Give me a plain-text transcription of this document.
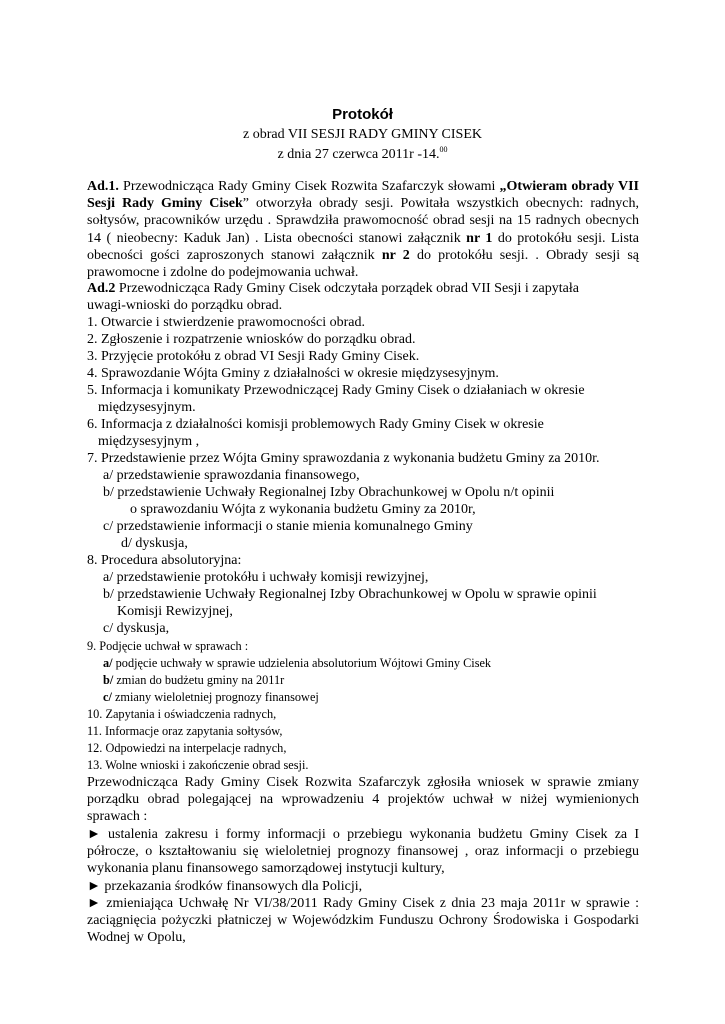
Protokół
z obrad VII SESJI RADY GMINY CISEK
z dnia 27 czerwca 2011r -14.00
Ad.1. Przewodnicząca Rady Gminy Cisek Rozwita Szafarczyk słowami „Otwieram obrady VII Sesji Rady Gminy Cisek” otworzyła obrady sesji. Powitała wszystkich obecnych: radnych, sołtysów, pracowników urzędu . Sprawdziła prawomocność obrad sesji na 15 radnych obecnych 14 ( nieobecny: Kaduk Jan) . Lista obecności stanowi załącznik nr 1 do protokółu sesji. Lista obecności gości zaproszonych stanowi załącznik nr 2 do protokółu sesji. . Obrady sesji są prawomocne i zdolne do podejmowania uchwał.
Ad.2 Przewodnicząca Rady Gminy Cisek odczytała porządek obrad VII Sesji i zapytała
uwagi-wnioski do porządku obrad.
1. Otwarcie i stwierdzenie prawomocności obrad.
2. Zgłoszenie i rozpatrzenie wniosków do porządku obrad.
3. Przyjęcie protokółu z obrad VI Sesji Rady Gminy Cisek.
4. Sprawozdanie Wójta Gminy z działalności w okresie międzysesyjnym.
5. Informacja i komunikaty Przewodniczącej Rady Gminy Cisek o działaniach w okresie
międzysesyjnym.
6. Informacja z działalności komisji problemowych Rady Gminy Cisek w okresie
międzysesyjnym ,
7. Przedstawienie przez Wójta Gminy sprawozdania z wykonania budżetu Gminy za 2010r.
a/ przedstawienie sprawozdania finansowego,
b/ przedstawienie Uchwały Regionalnej Izby Obrachunkowej w Opolu n/t opinii
o sprawozdaniu Wójta z wykonania budżetu Gminy za 2010r,
c/ przedstawienie informacji o stanie mienia komunalnego Gminy
d/ dyskusja,
8. Procedura absolutoryjna:
a/ przedstawienie protokółu i uchwały komisji rewizyjnej,
b/ przedstawienie Uchwały Regionalnej Izby Obrachunkowej w Opolu w sprawie opinii
Komisji Rewizyjnej,
c/ dyskusja,
9. Podjęcie uchwał w sprawach :
a/ podjęcie uchwały w sprawie udzielenia absolutorium Wójtowi Gminy Cisek
b/ zmian do budżetu gminy na 2011r
c/ zmiany wieloletniej prognozy finansowej
10. Zapytania i oświadczenia radnych,
11. Informacje oraz zapytania sołtysów,
12. Odpowiedzi na interpelacje radnych,
13. Wolne wnioski i zakończenie obrad sesji.
Przewodnicząca Rady Gminy Cisek Rozwita Szafarczyk zgłosiła wniosek w sprawie zmiany porządku obrad polegającej na wprowadzeniu 4 projektów uchwał w niżej wymienionych sprawach :
► ustalenia zakresu i formy informacji o przebiegu wykonania budżetu Gminy Cisek za I półrocze, o kształtowaniu się wieloletniej prognozy finansowej , oraz informacji o przebiegu wykonania planu finansowego samorządowej instytucji kultury,
► przekazania środków finansowych dla Policji,
► zmieniająca Uchwałę Nr VI/38/2011 Rady Gminy Cisek z dnia 23 maja 2011r w sprawie : zaciągnięcia pożyczki płatniczej w Wojewódzkim Funduszu Ochrony Środowiska i Gospodarki Wodnej w Opolu,
